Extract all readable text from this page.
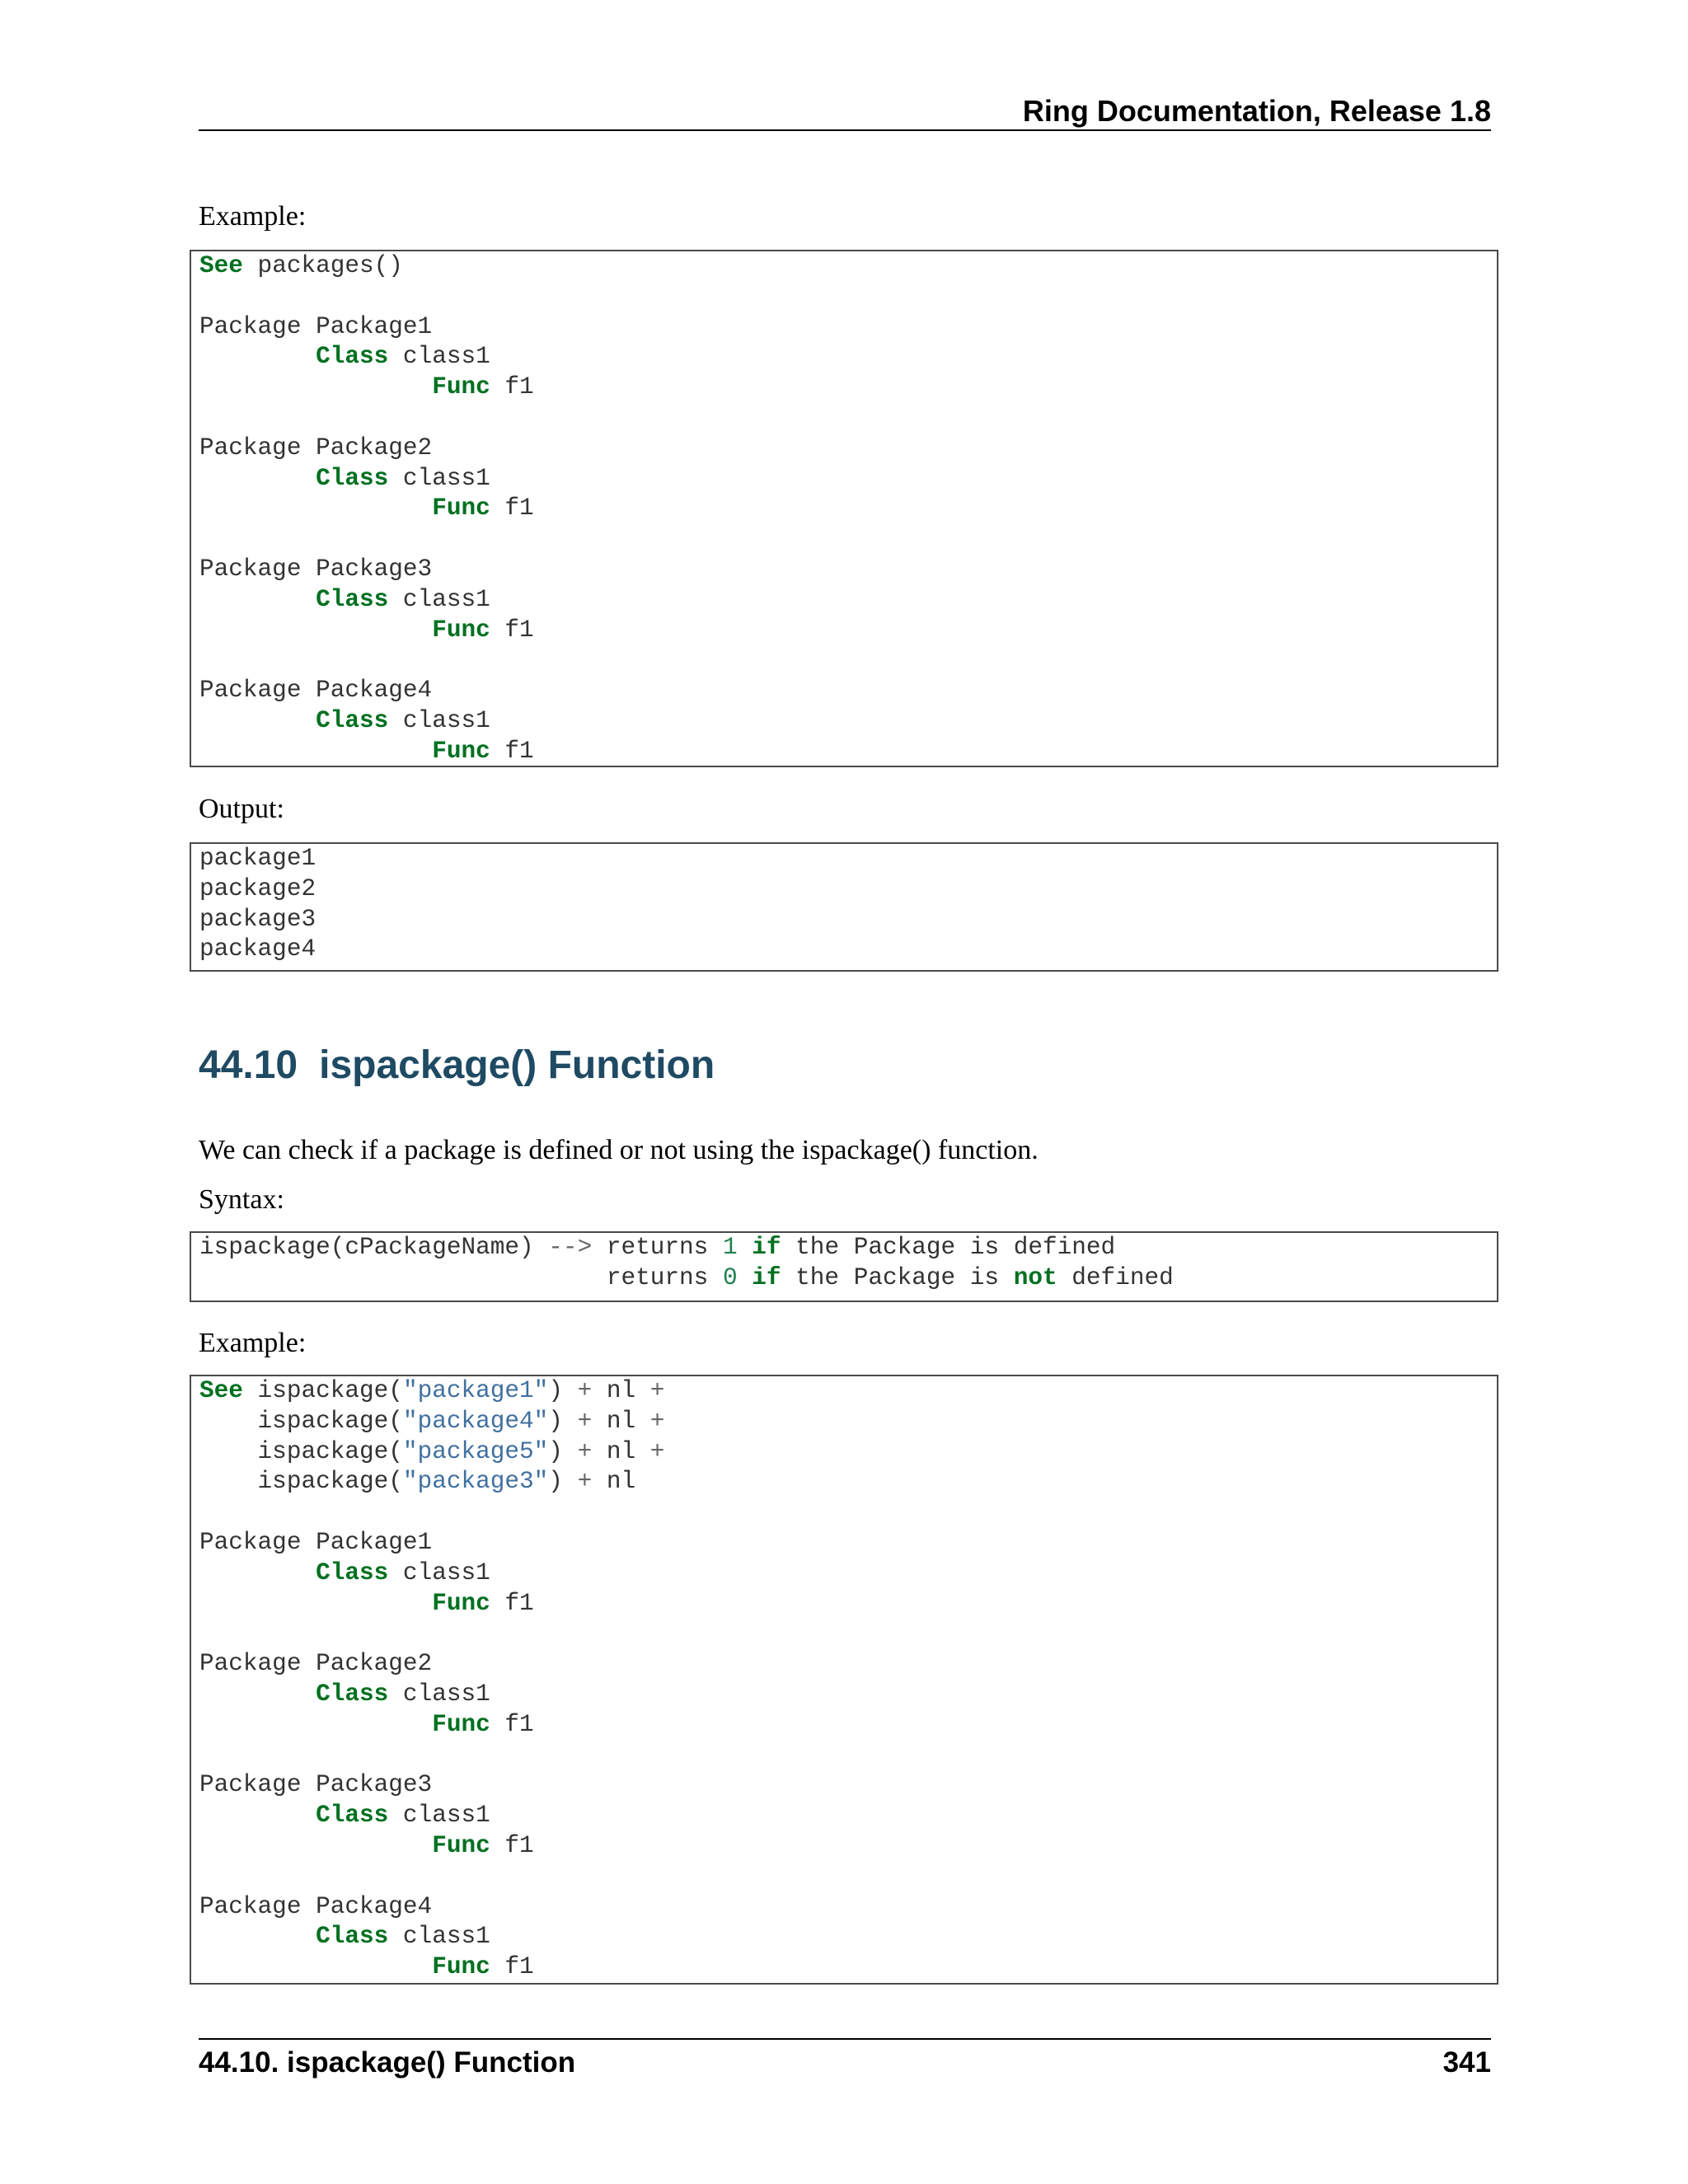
Ring Documentation, Release 1.8

Example:

See packages()
Package Package1
Class class1
Func f1
Package Package2
Class class1
Func f1
Package Package3
Class class1
Func f1
Package Package4
Class class1
Func f1

Output:

package1
package2
package3
package4
44.10 ispackage() Function

We can check if a package is defined or not using the ispackage() function.

Syntax:

ispackage(cPackageName) --> returns 1 if the Package is defined
returns 0 if the Package is not defined

Example:

See ispackage("package1") + nl +
ispackage("package4") + nl +
ispackage("package5") + nl +
ispackage("package3") + nl
Package Package1
Class class1
Func f1
Package Package2
Class class1
Func f1
Package Package3
Class class1
Func f1
Package Package4
Class class1
Func f1
44.10. ispackage() Function	341
